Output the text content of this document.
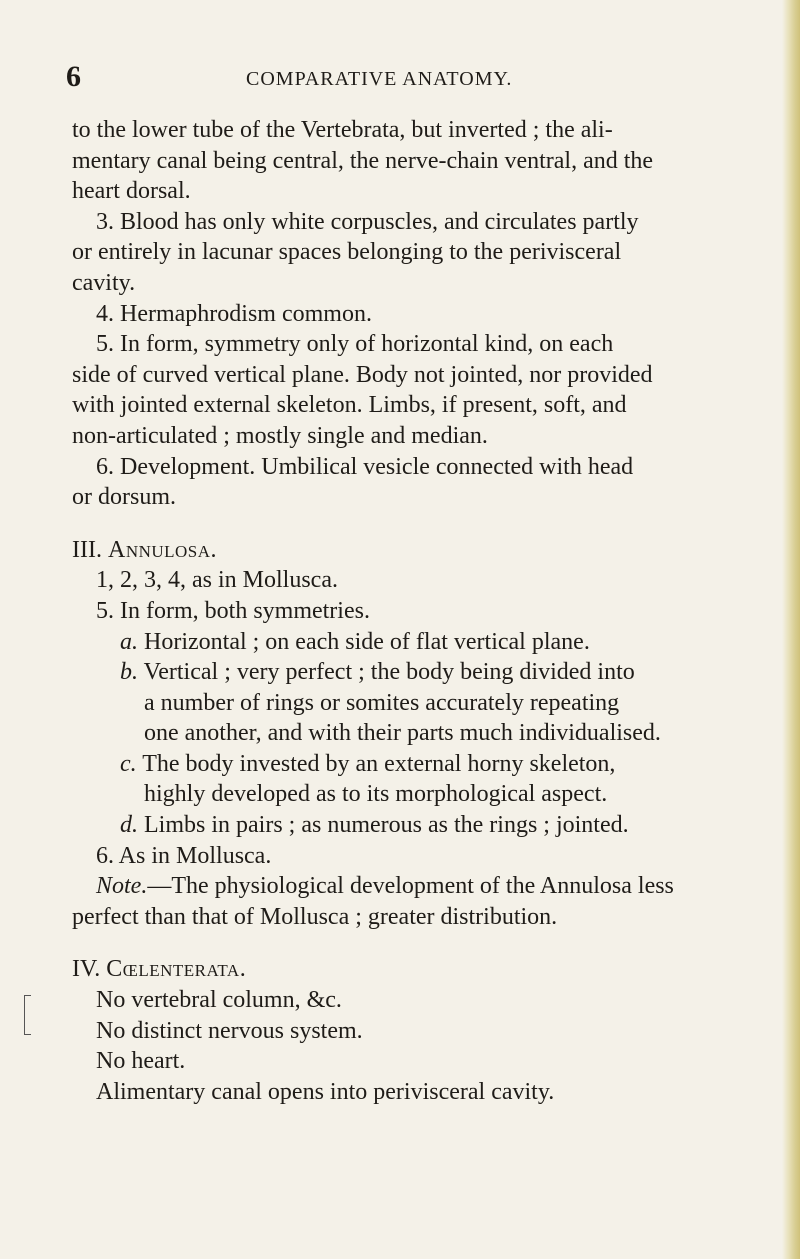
6	COMPARATIVE ANATOMY.
to the lower tube of the Vertebrata, but inverted ; the ali-
mentary canal being central, the nerve-chain ventral, and the
heart dorsal.
3. Blood has only white corpuscles, and circulates partly
or entirely in lacunar spaces belonging to the perivisceral
cavity.
4. Hermaphrodism common.
5. In form, symmetry only of horizontal kind, on each
side of curved vertical plane. Body not jointed, nor provided
with jointed external skeleton. Limbs, if present, soft, and
non-articulated ; mostly single and median.
6. Development. Umbilical vesicle connected with head
or dorsum.
III. Annulosa.
1, 2, 3, 4, as in Mollusca.
5. In form, both symmetries.
a. Horizontal ; on each side of flat vertical plane.
b. Vertical ; very perfect ; the body being divided into
a number of rings or somites accurately repeating
one another, and with their parts much individualised.
c. The body invested by an external horny skeleton,
highly developed as to its morphological aspect.
d. Limbs in pairs ; as numerous as the rings ; jointed.
6. As in Mollusca.
Note.—The physiological development of the Annulosa less
perfect than that of Mollusca ; greater distribution.
IV. Cœlenterata.
No vertebral column, &c.
No distinct nervous system.
No heart.
Alimentary canal opens into perivisceral cavity.
